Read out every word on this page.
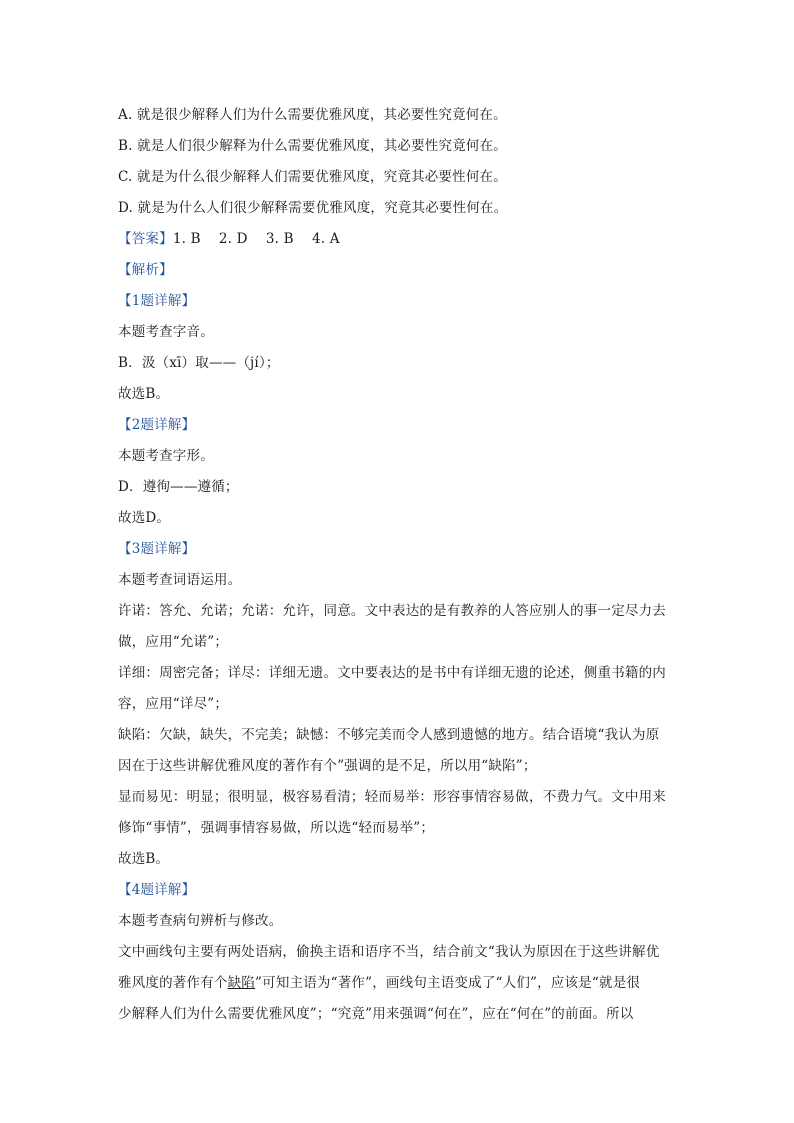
A. 就是很少解释人们为什么需要优雅风度，其必要性究竟何在。
B. 就是人们很少解释为什么需要优雅风度，其必要性究竟何在。
C. 就是为什么很少解释人们需要优雅风度，究竟其必要性何在。
D. 就是为什么人们很少解释需要优雅风度，究竟其必要性何在。
【答案】1. B　 2. D　 3. B　 4. A
【解析】
【1题详解】
本题考查字音。
B．汲（xī）取——（jí）；
故选B。
【2题详解】
本题考查字形。
D．遵徇——遵循；
故选D。
【3题详解】
本题考查词语运用。
许诺：答允、允诺；允诺：允许，同意。文中表达的是有教养的人答应别人的事一定尽力去
做，应用“允诺”；
详细：周密完备；详尽：详细无遗。文中要表达的是书中有详细无遗的论述，侧重书籍的内
容，应用“详尽”；
缺陷：欠缺，缺失，不完美；缺憾：不够完美而令人感到遗憾的地方。结合语境“我认为原
因在于这些讲解优雅风度的著作有个”强调的是不足，所以用“缺陷”；
显而易见：明显；很明显，极容易看清；轻而易举：形容事情容易做，不费力气。文中用来
修饰“事情”，强调事情容易做，所以选“轻而易举”；
故选B。
【4题详解】
本题考查病句辨析与修改。
文中画线句主要有两处语病，偷换主语和语序不当，结合前文“我认为原因在于这些讲解优
雅风度的著作有个缺陷”可知主语为“著作”，画线句主语变成了“人们”，应该是“就是很
少解释人们为什么需要优雅风度”；“究竟”用来强调“何在”，应在“何在”的前面。所以
